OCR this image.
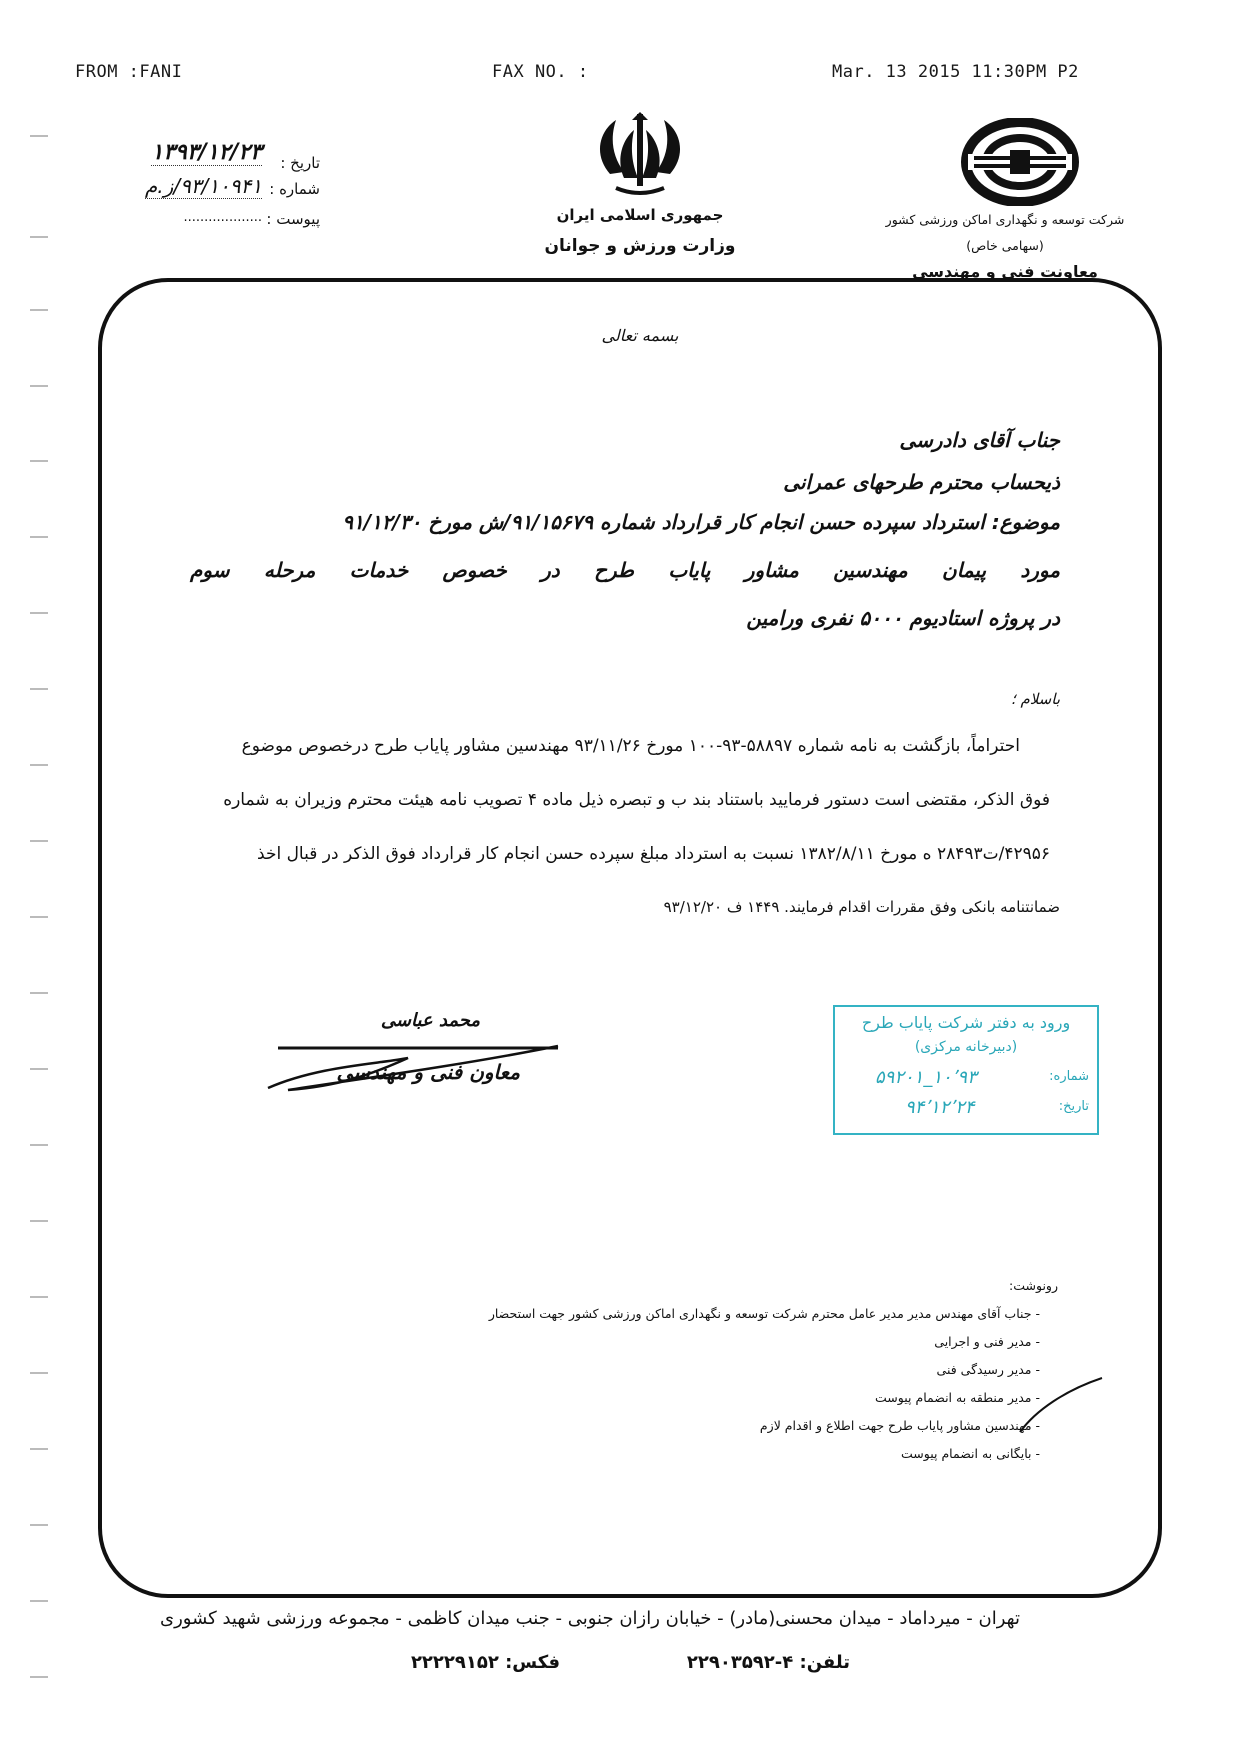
FROM :FANI	FAX NO. :	Mar. 13 2015 11:30PM P2
تاریخ :
۱۳۹۳/۱۲/۲۳
شماره :
۹۳/۱۰۹۴۱/ز.م
پیوست :
...................	جمهوری اسلامی ایران
وزارت ورزش و جوانان
شرکت توسعه و نگهداری اماکن ورزشی کشور
(سهامی خاص)
معاونت فنی و مهندسی
بسمه تعالی
جناب آقای دادرسی
ذیحساب محترم طرحهای عمرانی
موضوع: استرداد سپرده حسن انجام کار قرارداد شماره ۹۱/۱۵۶۷۹/ش مورخ ۹۱/۱۲/۳۰
مورد پیمان مهندسین مشاور پایاب طرح در خصوص خدمات مرحله سوم
در پروژه استادیوم ۵۰۰۰ نفری ورامین
باسلام ؛
احتراماً، بازگشت به نامه شماره ۵۸۸۹۷-۹۳-۱۰۰ مورخ ۹۳/۱۱/۲۶ مهندسین مشاور پایاب طرح درخصوص موضوع
فوق الذکر، مقتضی است دستور فرمایید باستناد بند ب و تبصره ذیل ماده ۴ تصویب نامه هیئت محترم وزیران به شماره
۴۲۹۵۶/ت۲۸۴۹۳ ه مورخ ۱۳۸۲/۸/۱۱ نسبت به استرداد مبلغ سپرده حسن انجام کار قرارداد فوق الذکر در قبال اخذ
ضمانتنامه بانکی وفق مقررات اقدام فرمایند. ۱۴۴۹ ف ۹۳/۱۲/۲۰
محمد عباسی
معاون فنی و مهندسی
ورود به دفتر شرکت پایاب طرح
(دبیرخانه مرکزی)
شماره:
۱۰٬۹۳_۵۹۲۰۱
تاریخ:
۹۴٬۱۲٬۲۴
رونوشت:
- جناب آقای مهندس مدیر مدیر عامل محترم شرکت توسعه و نگهداری اماکن ورزشی کشور جهت استحضار
- مدیر فنی و اجرایی
- مدیر رسیدگی فنی
- مدیر منطقه به انضمام پیوست
- مهندسین مشاور پایاب طرح جهت اطلاع و اقدام لازم
- بایگانی به انضمام پیوست
تهران - میرداماد - میدان محسنی(مادر) - خیابان رازان جنوبی - جنب میدان کاظمی - مجموعه ورزشی شهید کشوری
تلفن: ۴-۲۲۹۰۳۵۹۲
فکس: ۲۲۲۲۹۱۵۲
